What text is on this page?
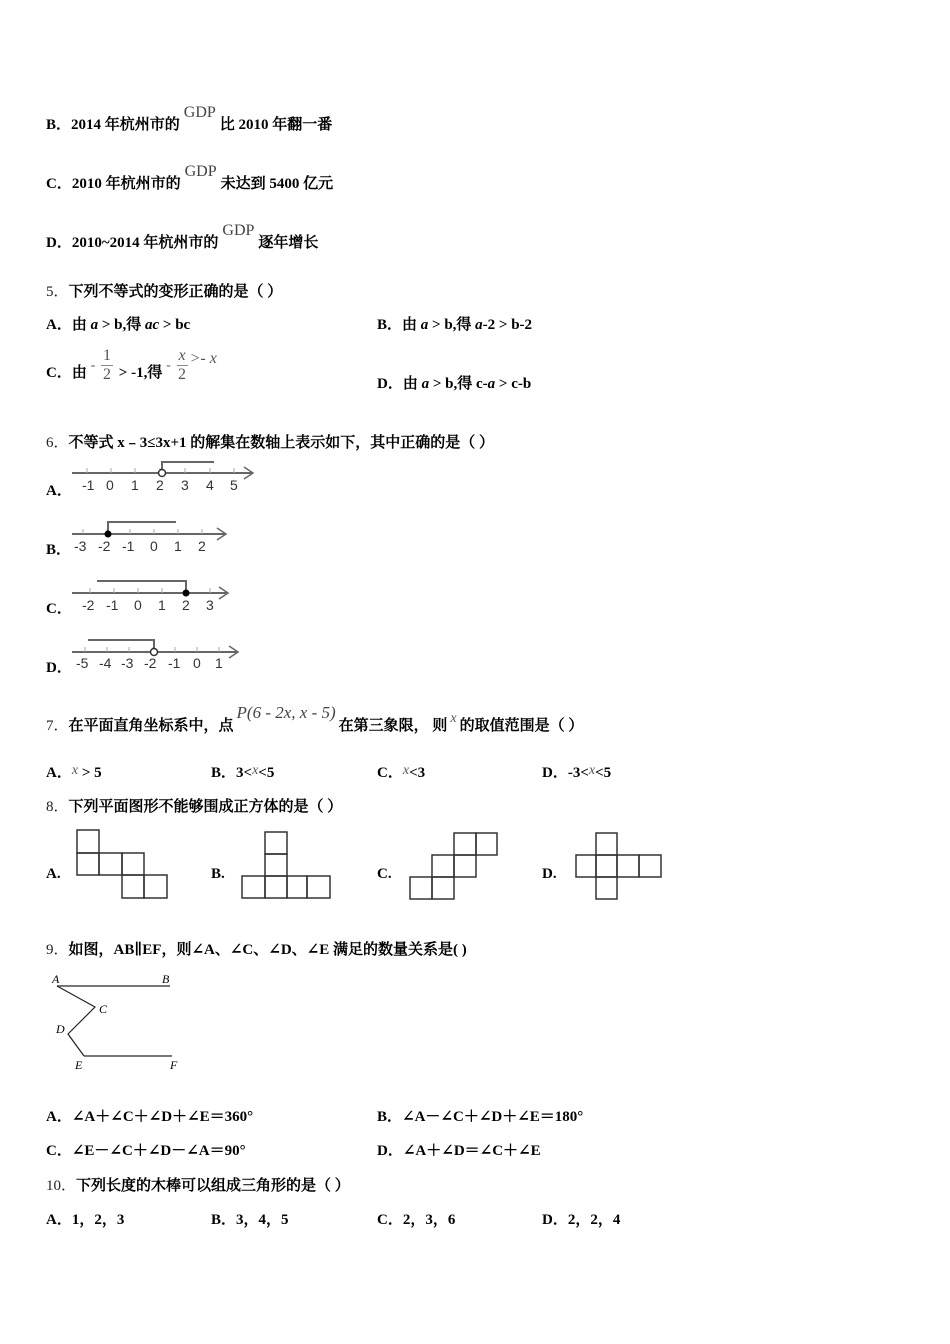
B．2014 年杭州市的GDP比 2010 年翻一番
C．2010 年杭州市的GDP未达到 5400 亿元
D．2010~2014 年杭州市的GDP逐年增长
5．下列不等式的变形正确的是（ ）
A．由 a > b,得 ac > bc	B．由 a > b,得 a-2 > b-2
C．由 - $\frac{1}{2} > -1$,得 - $\frac{x}{2} >- x$
D．由 a > b,得 c-a > c-b
6．不等式 x﹣3≤3x+1 的解集在数轴上表示如下，其中正确的是（ ）
A． -1 0 1 2 3 4 5
B． -3 -2 -1 0 1 2
C． -2 -1 0 1 2 3
D． -5 -4 -3 -2 -1 0 1
7．在平面直角坐标系中，点P(6 - 2x, x - 5)在第三象限， 则 x 的取值范围是（ ）
A．x > 5	B．3<x<5	C．x<3	D．-3<x<5
8．下列平面图形不能够围成正方体的是（ ）
A.	B.	C.	D.
9．如图，AB∥EF，则∠A、∠C、∠D、∠E 满足的数量关系是( )
A	B
C
D
E	F
A．∠A＋∠C＋∠D＋∠E＝360°	B．∠A－∠C＋∠D＋∠E＝180°
C．∠E－∠C＋∠D－∠A＝90°	D．∠A＋∠D＝∠C＋∠E
10．下列长度的木棒可以组成三角形的是（ ）
A．1，2，3	B．3，4，5	C．2，3，6	D．2，2，4
